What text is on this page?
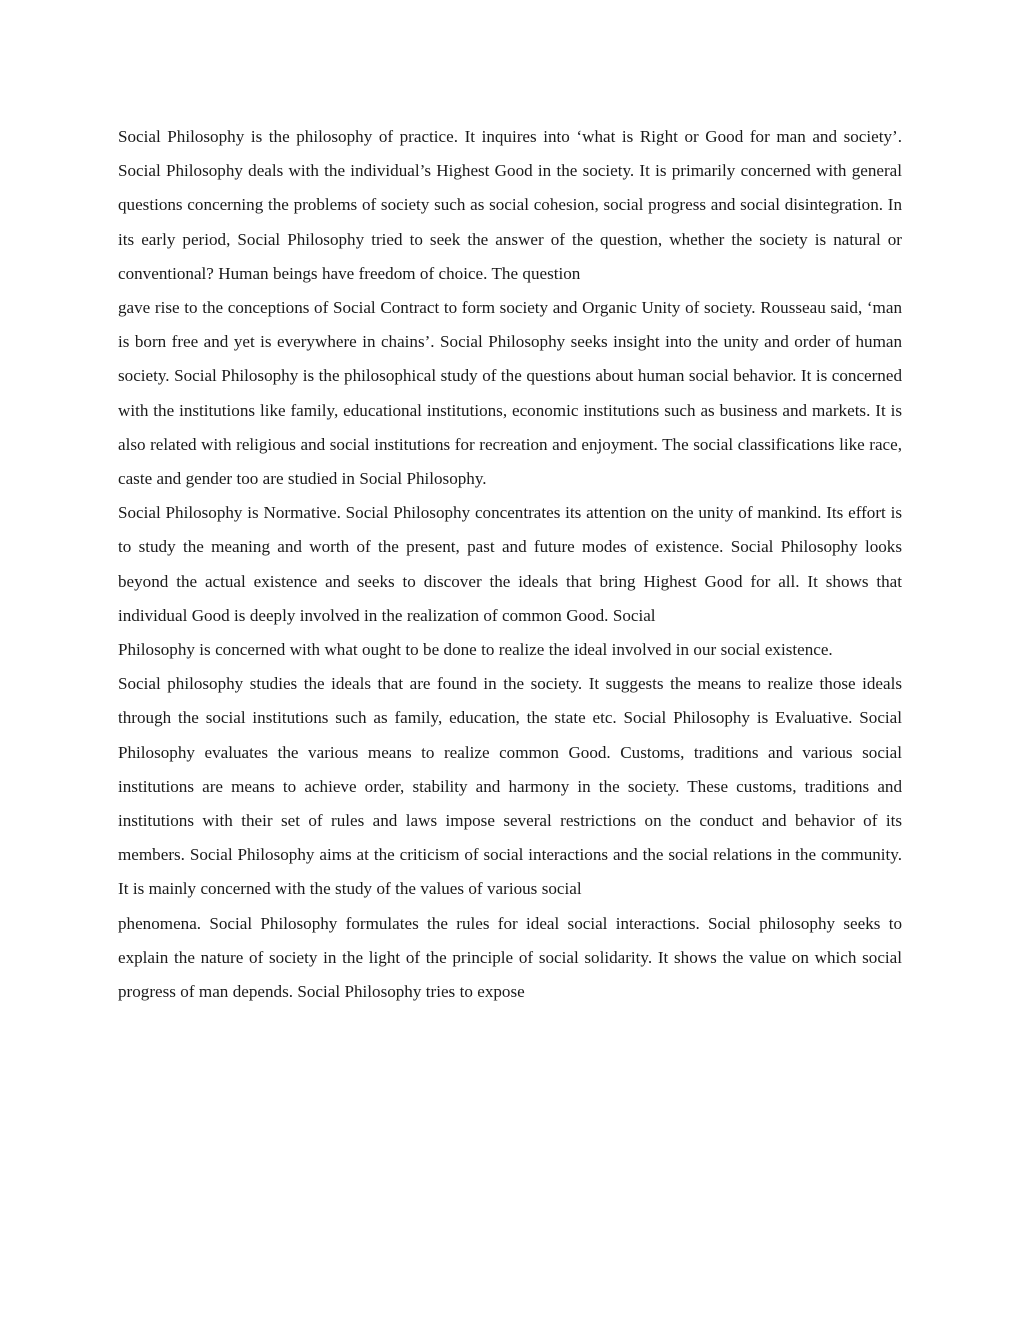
Social Philosophy is the philosophy of practice. It inquires into ‘what is Right or Good for man and society’. Social Philosophy deals with the individual’s Highest Good in the society. It is primarily concerned with general questions concerning the problems of society such as social cohesion, social progress and social disintegration. In its early period, Social Philosophy tried to seek the answer of the question, whether the society is natural or conventional? Human beings have freedom of choice. The question

gave rise to the conceptions of Social Contract to form society and Organic Unity of society. Rousseau said, ‘man is born free and yet is everywhere in chains’. Social Philosophy seeks insight into the unity and order of human society. Social Philosophy is the philosophical study of the questions about human social behavior. It is concerned with the institutions like family, educational institutions, economic institutions such as business and markets. It is also related with religious and social institutions for recreation and enjoyment. The social classifications like race, caste and gender too are studied in Social Philosophy.

Social Philosophy is Normative. Social Philosophy concentrates its attention on the unity of mankind. Its effort is to study the meaning and worth of the present, past and future modes of existence. Social Philosophy looks beyond the actual existence and seeks to discover the ideals that bring Highest Good for all. It shows that individual Good is deeply involved in the realization of common Good. Social

Philosophy is concerned with what ought to be done to realize the ideal involved in our social existence.

Social philosophy studies the ideals that are found in the society. It suggests the means to realize those ideals through the social institutions such as family, education, the state etc. Social Philosophy is Evaluative. Social Philosophy evaluates the various means to realize common Good. Customs, traditions and various social institutions are means to achieve order, stability and harmony in the society. These customs, traditions and institutions with their set of rules and laws impose several restrictions on the conduct and behavior of its members. Social Philosophy aims at the criticism of social interactions and the social relations in the community. It is mainly concerned with the study of the values of various social

phenomena. Social Philosophy formulates the rules for ideal social interactions. Social philosophy seeks to explain the nature of society in the light of the principle of social solidarity. It shows the value on which social progress of man depends. Social Philosophy tries to expose
